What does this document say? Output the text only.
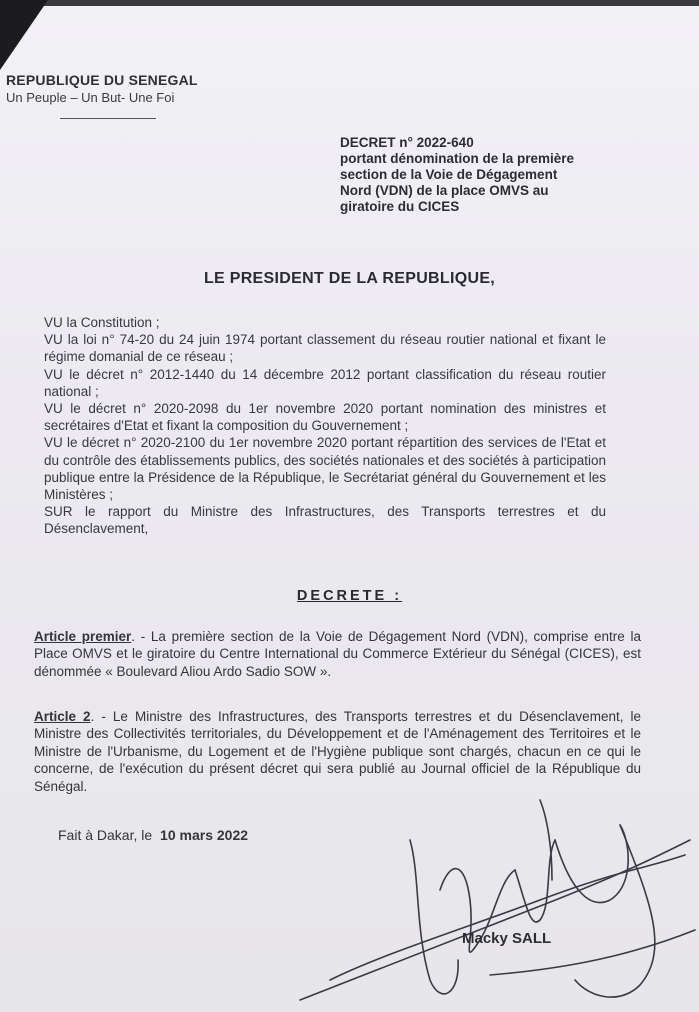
REPUBLIQUE DU SENEGAL
Un Peuple – Un But- Une Foi
DECRET n° 2022-640
portant dénomination de la première
section de la Voie de Dégagement
Nord (VDN) de la place OMVS au
giratoire du CICES
LE PRESIDENT DE LA REPUBLIQUE,

VU la Constitution ;

VU la loi n° 74-20 du 24 juin 1974 portant classement du réseau routier national et fixant le régime domanial de ce réseau ;

VU le décret n° 2012-1440 du 14 décembre 2012 portant classification du réseau routier national ;

VU le décret n° 2020-2098 du 1er novembre 2020 portant nomination des ministres et secrétaires d'Etat et fixant la composition du Gouvernement ;

VU le décret n° 2020-2100 du 1er novembre 2020 portant répartition des services de l'Etat et du contrôle des établissements publics, des sociétés nationales et des sociétés à participation publique entre la Présidence de la République, le Secrétariat général du Gouvernement et les Ministères ;

SUR le rapport du Ministre des Infrastructures, des Transports terrestres et du Désenclavement,

DECRETE :

Article premier. - La première section de la Voie de Dégagement Nord (VDN), comprise entre la Place OMVS et le giratoire du Centre International du Commerce Extérieur du Sénégal (CICES), est dénommée « Boulevard Aliou Ardo Sadio SOW ».

Article 2. - Le Ministre des Infrastructures, des Transports terrestres et du Désenclavement, le Ministre des Collectivités territoriales, du Développement et de l'Aménagement des Territoires et le Ministre de l'Urbanisme, du Logement et de l'Hygiène publique sont chargés, chacun en ce qui le concerne, de l'exécution du présent décret qui sera publié au Journal officiel de la République du Sénégal.

Fait à Dakar, le 10 mars 2022
Macky SALL
